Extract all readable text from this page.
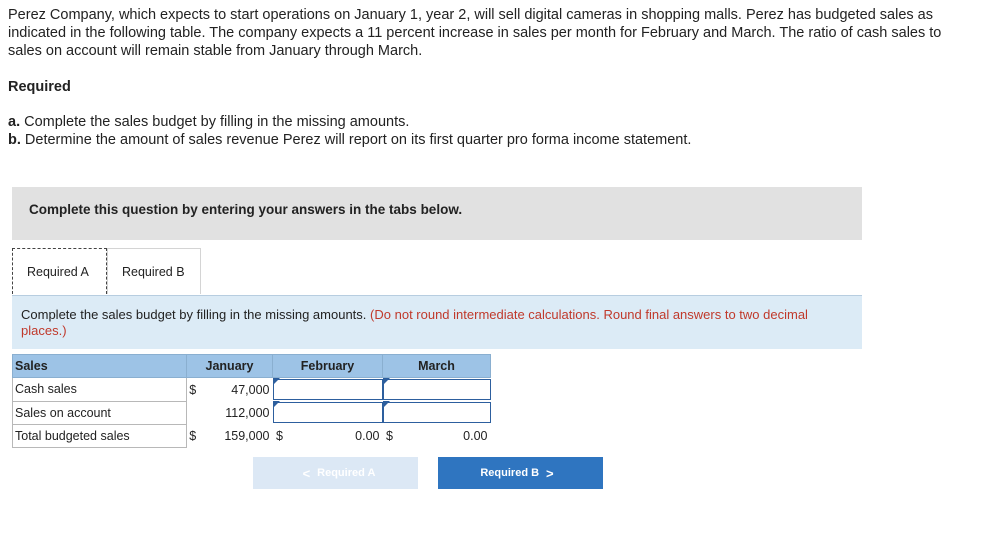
Perez Company, which expects to start operations on January 1, year 2, will sell digital cameras in shopping malls. Perez has budgeted sales as indicated in the following table. The company expects a 11 percent increase in sales per month for February and March. The ratio of cash sales to sales on account will remain stable from January through March.
Required
a. Complete the sales budget by filling in the missing amounts.
b. Determine the amount of sales revenue Perez will report on its first quarter pro forma income statement.
Complete this question by entering your answers in the tabs below.
Required A	Required B
Complete the sales budget by filling in the missing amounts. (Do not round intermediate calculations. Round final answers to two decimal places.)
Sales	January		February		March	
Cash sales	$	47,000			

Sales on account		112,000			

Total budgeted sales	$	159,000	$	0.00	$	0.00
< Required A	Required B >
